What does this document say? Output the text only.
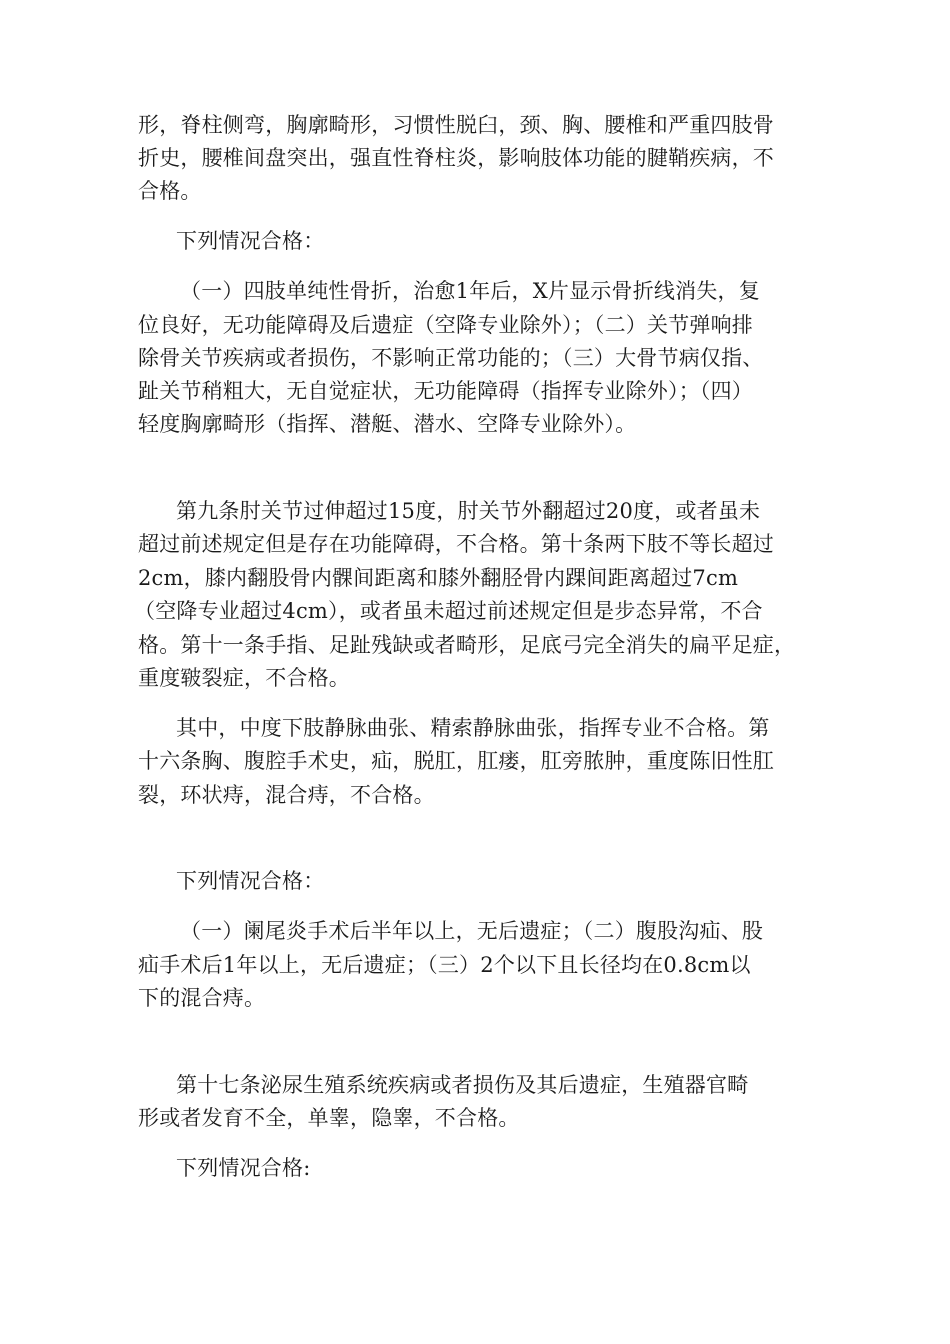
形，脊柱侧弯，胸廓畸形，习惯性脱臼，颈、胸、腰椎和严重四肢骨
折史，腰椎间盘突出，强直性脊柱炎，影响肢体功能的腱鞘疾病，不
合格。
下列情况合格：
（一）四肢单纯性骨折，治愈1年后，X片显示骨折线消失，复
位良好，无功能障碍及后遗症（空降专业除外）；（二）关节弹响排
除骨关节疾病或者损伤，不影响正常功能的；（三）大骨节病仅指、
趾关节稍粗大，无自觉症状，无功能障碍（指挥专业除外）；（四）
轻度胸廓畸形（指挥、潜艇、潜水、空降专业除外）。
第九条肘关节过伸超过15度，肘关节外翻超过20度，或者虽未
超过前述规定但是存在功能障碍，不合格。第十条两下肢不等长超过
2cm，膝内翻股骨内髁间距离和膝外翻胫骨内踝间距离超过7cm
（空降专业超过4cm），或者虽未超过前述规定但是步态异常，不合
格。第十一条手指、足趾残缺或者畸形，足底弓完全消失的扁平足症，
重度皲裂症，不合格。
其中，中度下肢静脉曲张、精索静脉曲张，指挥专业不合格。第
十六条胸、腹腔手术史，疝，脱肛，肛瘘，肛旁脓肿，重度陈旧性肛
裂，环状痔，混合痔，不合格。
下列情况合格：
（一）阑尾炎手术后半年以上，无后遗症；（二）腹股沟疝、股
疝手术后1年以上，无后遗症；（三）2个以下且长径均在0.8cm以
下的混合痔。
第十七条泌尿生殖系统疾病或者损伤及其后遗症，生殖器官畸
形或者发育不全，单睾，隐睾，不合格。
下列情况合格:
